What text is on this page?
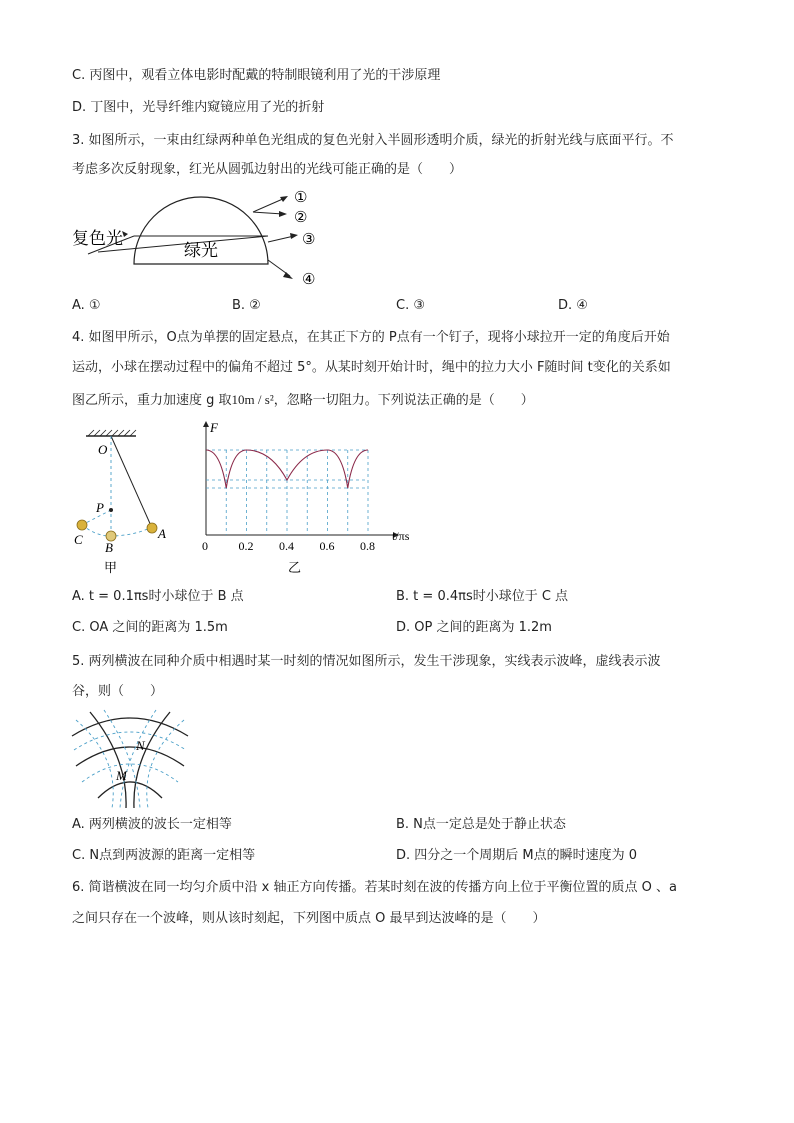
C. 丙图中，观看立体电影时配戴的特制眼镜利用了光的干涉原理
D. 丁图中，光导纤维内窥镜应用了光的折射
3. 如图所示，一束由红绿两种单色光组成的复色光射入半圆形透明介质，绿光的折射光线与底面平行。不
考虑多次反射现象，红光从圆弧边射出的光线可能正确的是（　　）
复色光
绿光
①
②
③
④
A. ①	B. ②	C. ③	D. ④
4. 如图甲所示，O点为单摆的固定悬点，在其正下方的 P点有一个钉子，现将小球拉开一定的角度后开始
运动，小球在摆动过程中的偏角不超过 5°。从某时刻开始计时，绳中的拉力大小 F随时间 t变化的关系如
图乙所示，重力加速度 g 取10m / s²，忽略一切阻力。下列说法正确的是（　　）
O
P
C
B
A
甲
F
t/πs
0	0.2 0.4 0.6 0.8
乙
A. t = 0.1πs时小球位于 B 点	B. t = 0.4πs时小球位于 C 点
C. OA 之间的距离为 1.5m	D. OP 之间的距离为 1.2m
5. 两列横波在同种介质中相遇时某一时刻的情况如图所示，发生干涉现象，实线表示波峰，虚线表示波
谷，则（　　）
N
M
A. 两列横波的波长一定相等	B. N点一定总是处于静止状态
C. N点到两波源的距离一定相等	D. 四分之一个周期后 M点的瞬时速度为 0
6. 简谐横波在同一均匀介质中沿 x 轴正方向传播。若某时刻在波的传播方向上位于平衡位置的质点 O 、a
之间只存在一个波峰，则从该时刻起，下列图中质点 O 最早到达波峰的是（　　）
